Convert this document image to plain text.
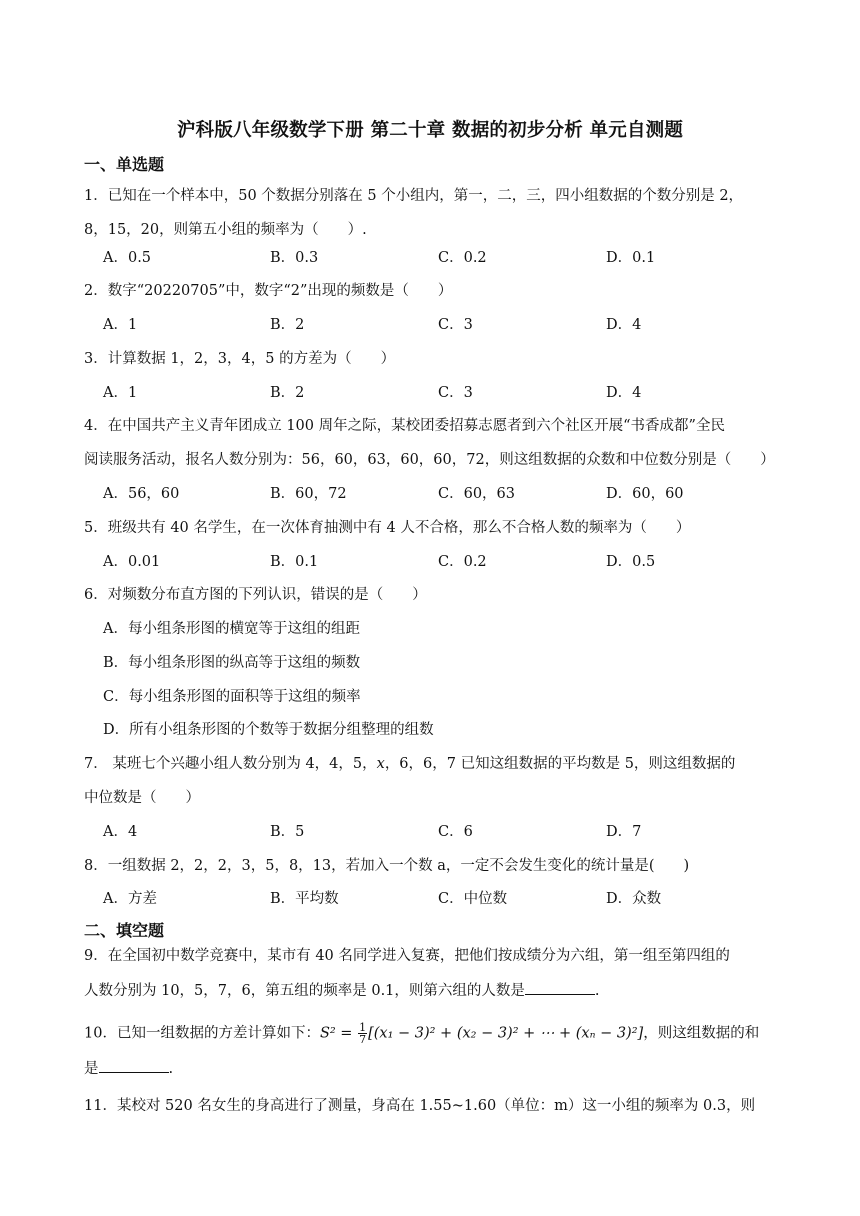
沪科版八年级数学下册 第二十章 数据的初步分析 单元自测题
一、单选题
1．已知在一个样本中，50 个数据分别落在 5 个小组内，第一，二，三，四小组数据的个数分别是 2，
8，15，20，则第五小组的频率为（　　）.
A．0.5	B．0.3	C．0.2	D．0.1
2．数字“20220705”中，数字“2”出现的频数是（　　）
A．1	B．2	C．3	D．4
3．计算数据 1，2，3，4，5 的方差为（　　）
A．1	B．2	C．3	D．4
4．在中国共产主义青年团成立 100 周年之际，某校团委招募志愿者到六个社区开展“书香成都”全民
阅读服务活动，报名人数分别为：56，60，63，60，60，72，则这组数据的众数和中位数分别是（　　）
A．56，60	B．60，72	C．60，63	D．60，60
5．班级共有 40 名学生，在一次体育抽测中有 4 人不合格，那么不合格人数的频率为（　　）
A．0.01	B．0.1	C．0.2	D．0.5
6．对频数分布直方图的下列认识，错误的是（　　）
A．每小组条形图的横宽等于这组的组距
B．每小组条形图的纵高等于这组的频数
C．每小组条形图的面积等于这组的频率
D．所有小组条形图的个数等于数据分组整理的组数
7． 某班七个兴趣小组人数分别为 4，4，5，x，6，6，7 已知这组数据的平均数是 5，则这组数据的
中位数是（　　）
A．4	B．5	C．6	D．7
8．一组数据 2，2，2，3，5，8，13，若加入一个数 a，一定不会发生变化的统计量是(　　)
A．方差	B．平均数	C．中位数	D．众数
二、填空题
9．在全国初中数学竞赛中，某市有 40 名同学进入复赛，把他们按成绩分为六组，第一组至第四组的
人数分别为 10，5，7，6，第五组的频率是 0.1，则第六组的人数是	.
10．已知一组数据的方差计算如下：$S^2 = \frac{1}{7} [(x_1 - 3)^2 + (x_2 - 3)^2$ + ⋯ + (xₙ − 3)²]，则这组数据的和
是	.
11．某校对 520 名女生的身高进行了测量，身高在 1.55~1.60（单位：m）这一小组的频率为 0.3，则
